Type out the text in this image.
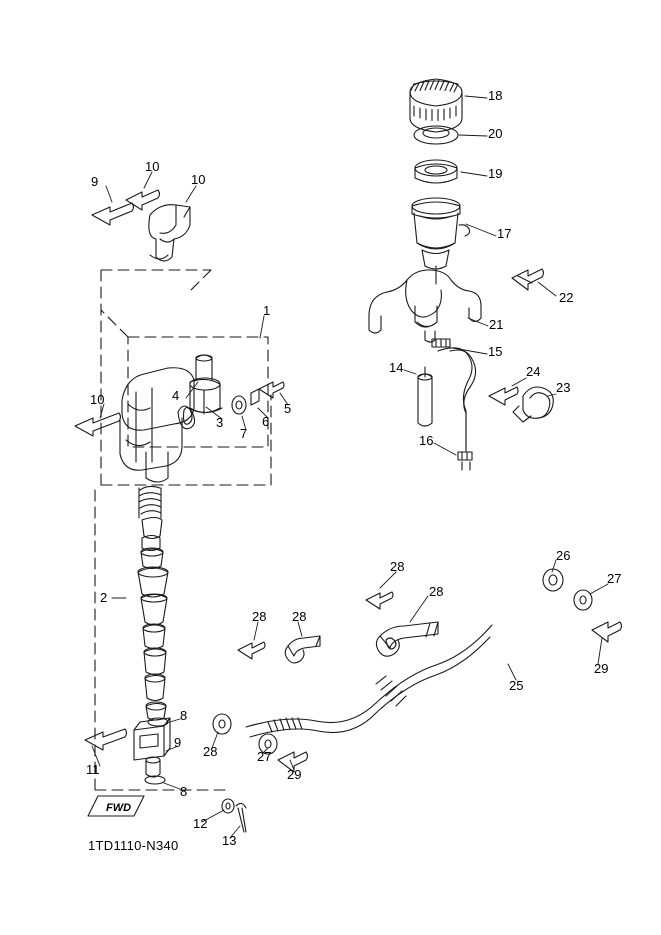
18
20
19
17
22
21
15
14
16
24
23
9
10
10
1
4
5
6
7
3
10
2
8
9
8
11
12
13
28
28
28
28
25
26
27
29
28	27
29
FWD
1TD1110-N340
